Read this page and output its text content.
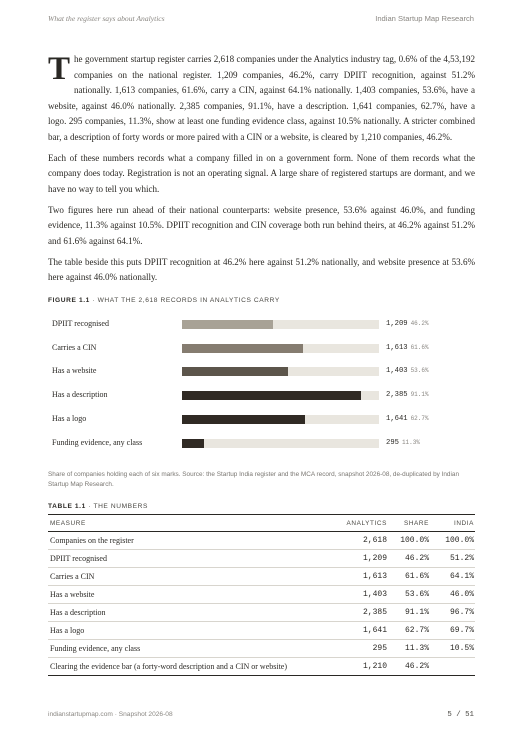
What the register says about Analytics	Indian Startup Map Research

The government startup register carries 2,618 companies under the Analytics industry tag, 0.6% of the 4,53,192 companies on the national register. 1,209 companies, 46.2%, carry DPIIT recognition, against 51.2% nationally. 1,613 companies, 61.6%, carry a CIN, against 64.1% nationally. 1,403 companies, 53.6%, have a website, against 46.0% nationally. 2,385 companies, 91.1%, have a description. 1,641 companies, 62.7%, have a logo. 295 companies, 11.3%, show at least one funding evidence class, against 10.5% nationally. A stricter combined bar, a description of forty words or more paired with a CIN or a website, is cleared by 1,210 companies, 46.2%.

Each of these numbers records what a company filled in on a government form. None of them records what the company does today. Registration is not an operating signal. A large share of registered startups are dormant, and we have no way to tell you which.

Two figures here run ahead of their national counterparts: website presence, 53.6% against 46.0%, and funding evidence, 11.3% against 10.5%. DPIIT recognition and CIN coverage both run behind theirs, at 46.2% against 51.2% and 61.6% against 64.1%.

The table beside this puts DPIIT recognition at 46.2% here against 51.2% nationally, and website presence at 53.6% here against 46.0% nationally.

FIGURE 1.1 · WHAT THE 2,618 RECORDS IN ANALYTICS CARRY
DPIIT recognised	1,209 46.2%
Carries a CIN	1,613 61.6%
Has a website	1,403 53.6%
Has a description	2,385 91.1%
Has a logo	1,641 62.7%
Funding evidence, any class	295 11.3%
Share of companies holding each of six marks. Source: the Startup India register and the MCA record, snapshot 2026-08, de-duplicated by Indian Startup Map Research.
TABLE 1.1 · THE NUMBERS
MEASURE	ANALYTICS	SHARE	INDIA
Companies on the register	2,618	100.0%	100.0%
DPIIT recognised	1,209	46.2%	51.2%
Carries a CIN	1,613	61.6%	64.1%
Has a website	1,403	53.6%	46.0%
Has a description	2,385	91.1%	96.7%
Has a logo	1,641	62.7%	69.7%
Funding evidence, any class	295	11.3%	10.5%
Clearing the evidence bar (a forty-word description and a CIN or website)	1,210	46.2%	
indianstartupmap.com · Snapshot 2026-08	5 / 51
